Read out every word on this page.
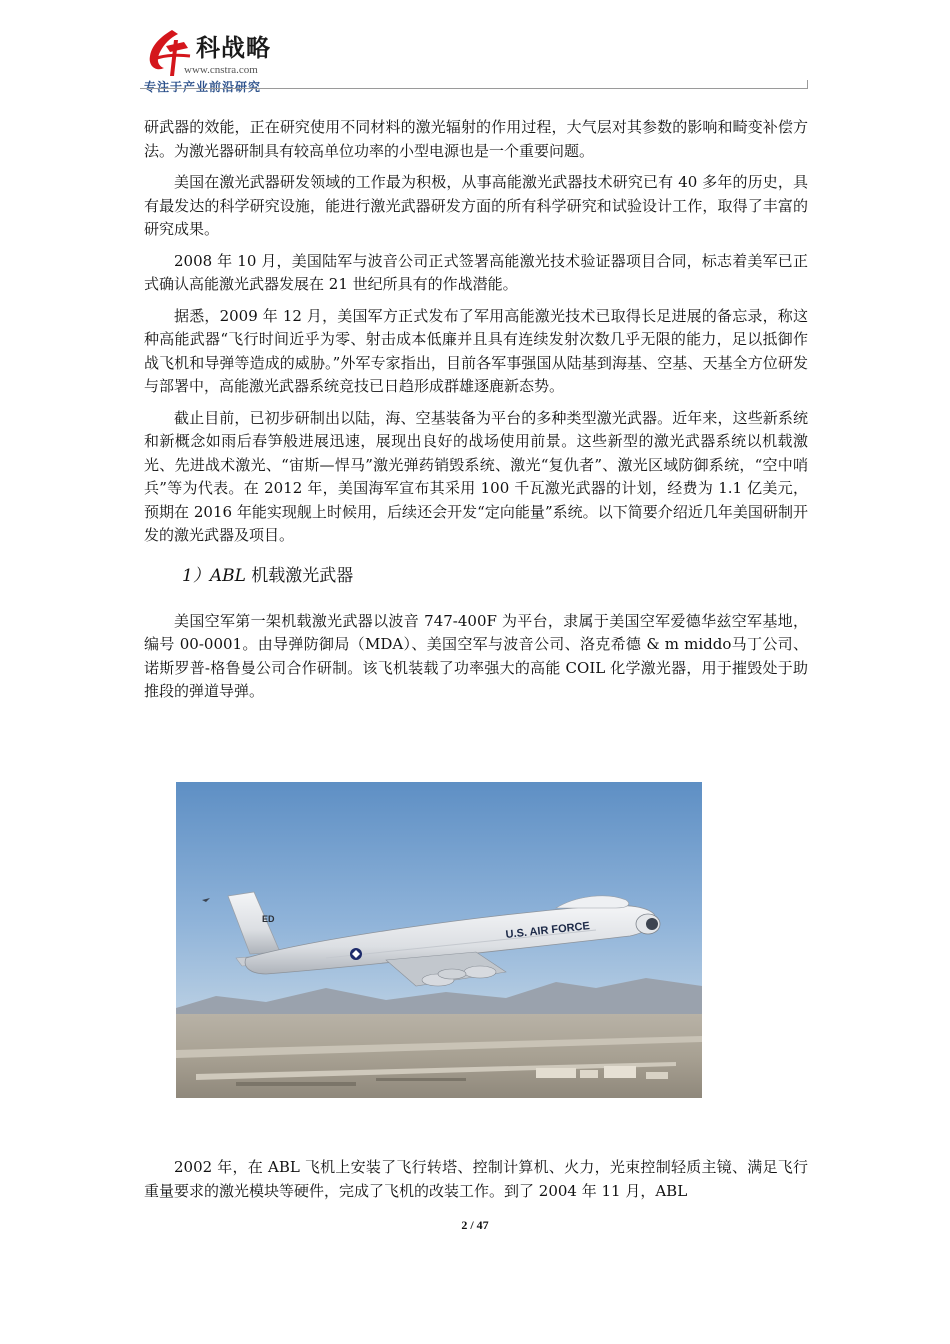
科战略
www.cnstra.com
专注于产业前沿研究

研武器的效能，正在研究使用不同材料的激光辐射的作用过程，大气层对其参数的影响和畸变补偿方法。为激光器研制具有较高单位功率的小型电源也是一个重要问题。

美国在激光武器研发领域的工作最为积极，从事高能激光武器技术研究已有 40 多年的历史，具有最发达的科学研究设施，能进行激光武器研发方面的所有科学研究和试验设计工作，取得了丰富的研究成果。

2008 年 10 月，美国陆军与波音公司正式签署高能激光技术验证器项目合同，标志着美军已正式确认高能激光武器发展在 21 世纪所具有的作战潜能。

据悉，2009 年 12 月，美国军方正式发布了军用高能激光技术已取得长足进展的备忘录，称这种高能武器“飞行时间近乎为零、射击成本低廉并且具有连续发射次数几乎无限的能力，足以抵御作战飞机和导弹等造成的威胁。”外军专家指出，目前各军事强国从陆基到海基、空基、天基全方位研发与部署中，高能激光武器系统竞技已日趋形成群雄逐鹿新态势。

截止目前，已初步研制出以陆，海、空基装备为平台的多种类型激光武器。近年来，这些新系统和新概念如雨后春笋般进展迅速，展现出良好的战场使用前景。这些新型的激光武器系统以机载激光、先进战术激光、“宙斯—悍马”激光弹药销毁系统、激光“复仇者”、激光区域防御系统，“空中哨兵”等为代表。在 2012 年，美国海军宣布其采用 100 千瓦激光武器的计划，经费为 1.1 亿美元，预期在 2016 年能实现舰上时候用，后续还会开发“定向能量”系统。以下简要介绍近几年美国研制开发的激光武器及项目。

1）ABL 机载激光武器

美国空军第一架机载激光武器以波音 747-400F 为平台，隶属于美国空军爱德华兹空军基地，编号 00-0001。由导弹防御局（MDA）、美国空军与波音公司、洛克希德 & m middo马丁公司、诺斯罗普-格鲁曼公司合作研制。该飞机装载了功率强大的高能 COIL 化学激光器，用于摧毁处于助推段的弹道导弹。

ED
U.S. AIR FORCE

2002 年，在 ABL 飞机上安装了飞行转塔、控制计算机、火力，光束控制轻质主镜、满足飞行重量要求的激光模块等硬件，完成了飞机的改装工作。到了 2004 年 11 月，ABL

2 / 47
